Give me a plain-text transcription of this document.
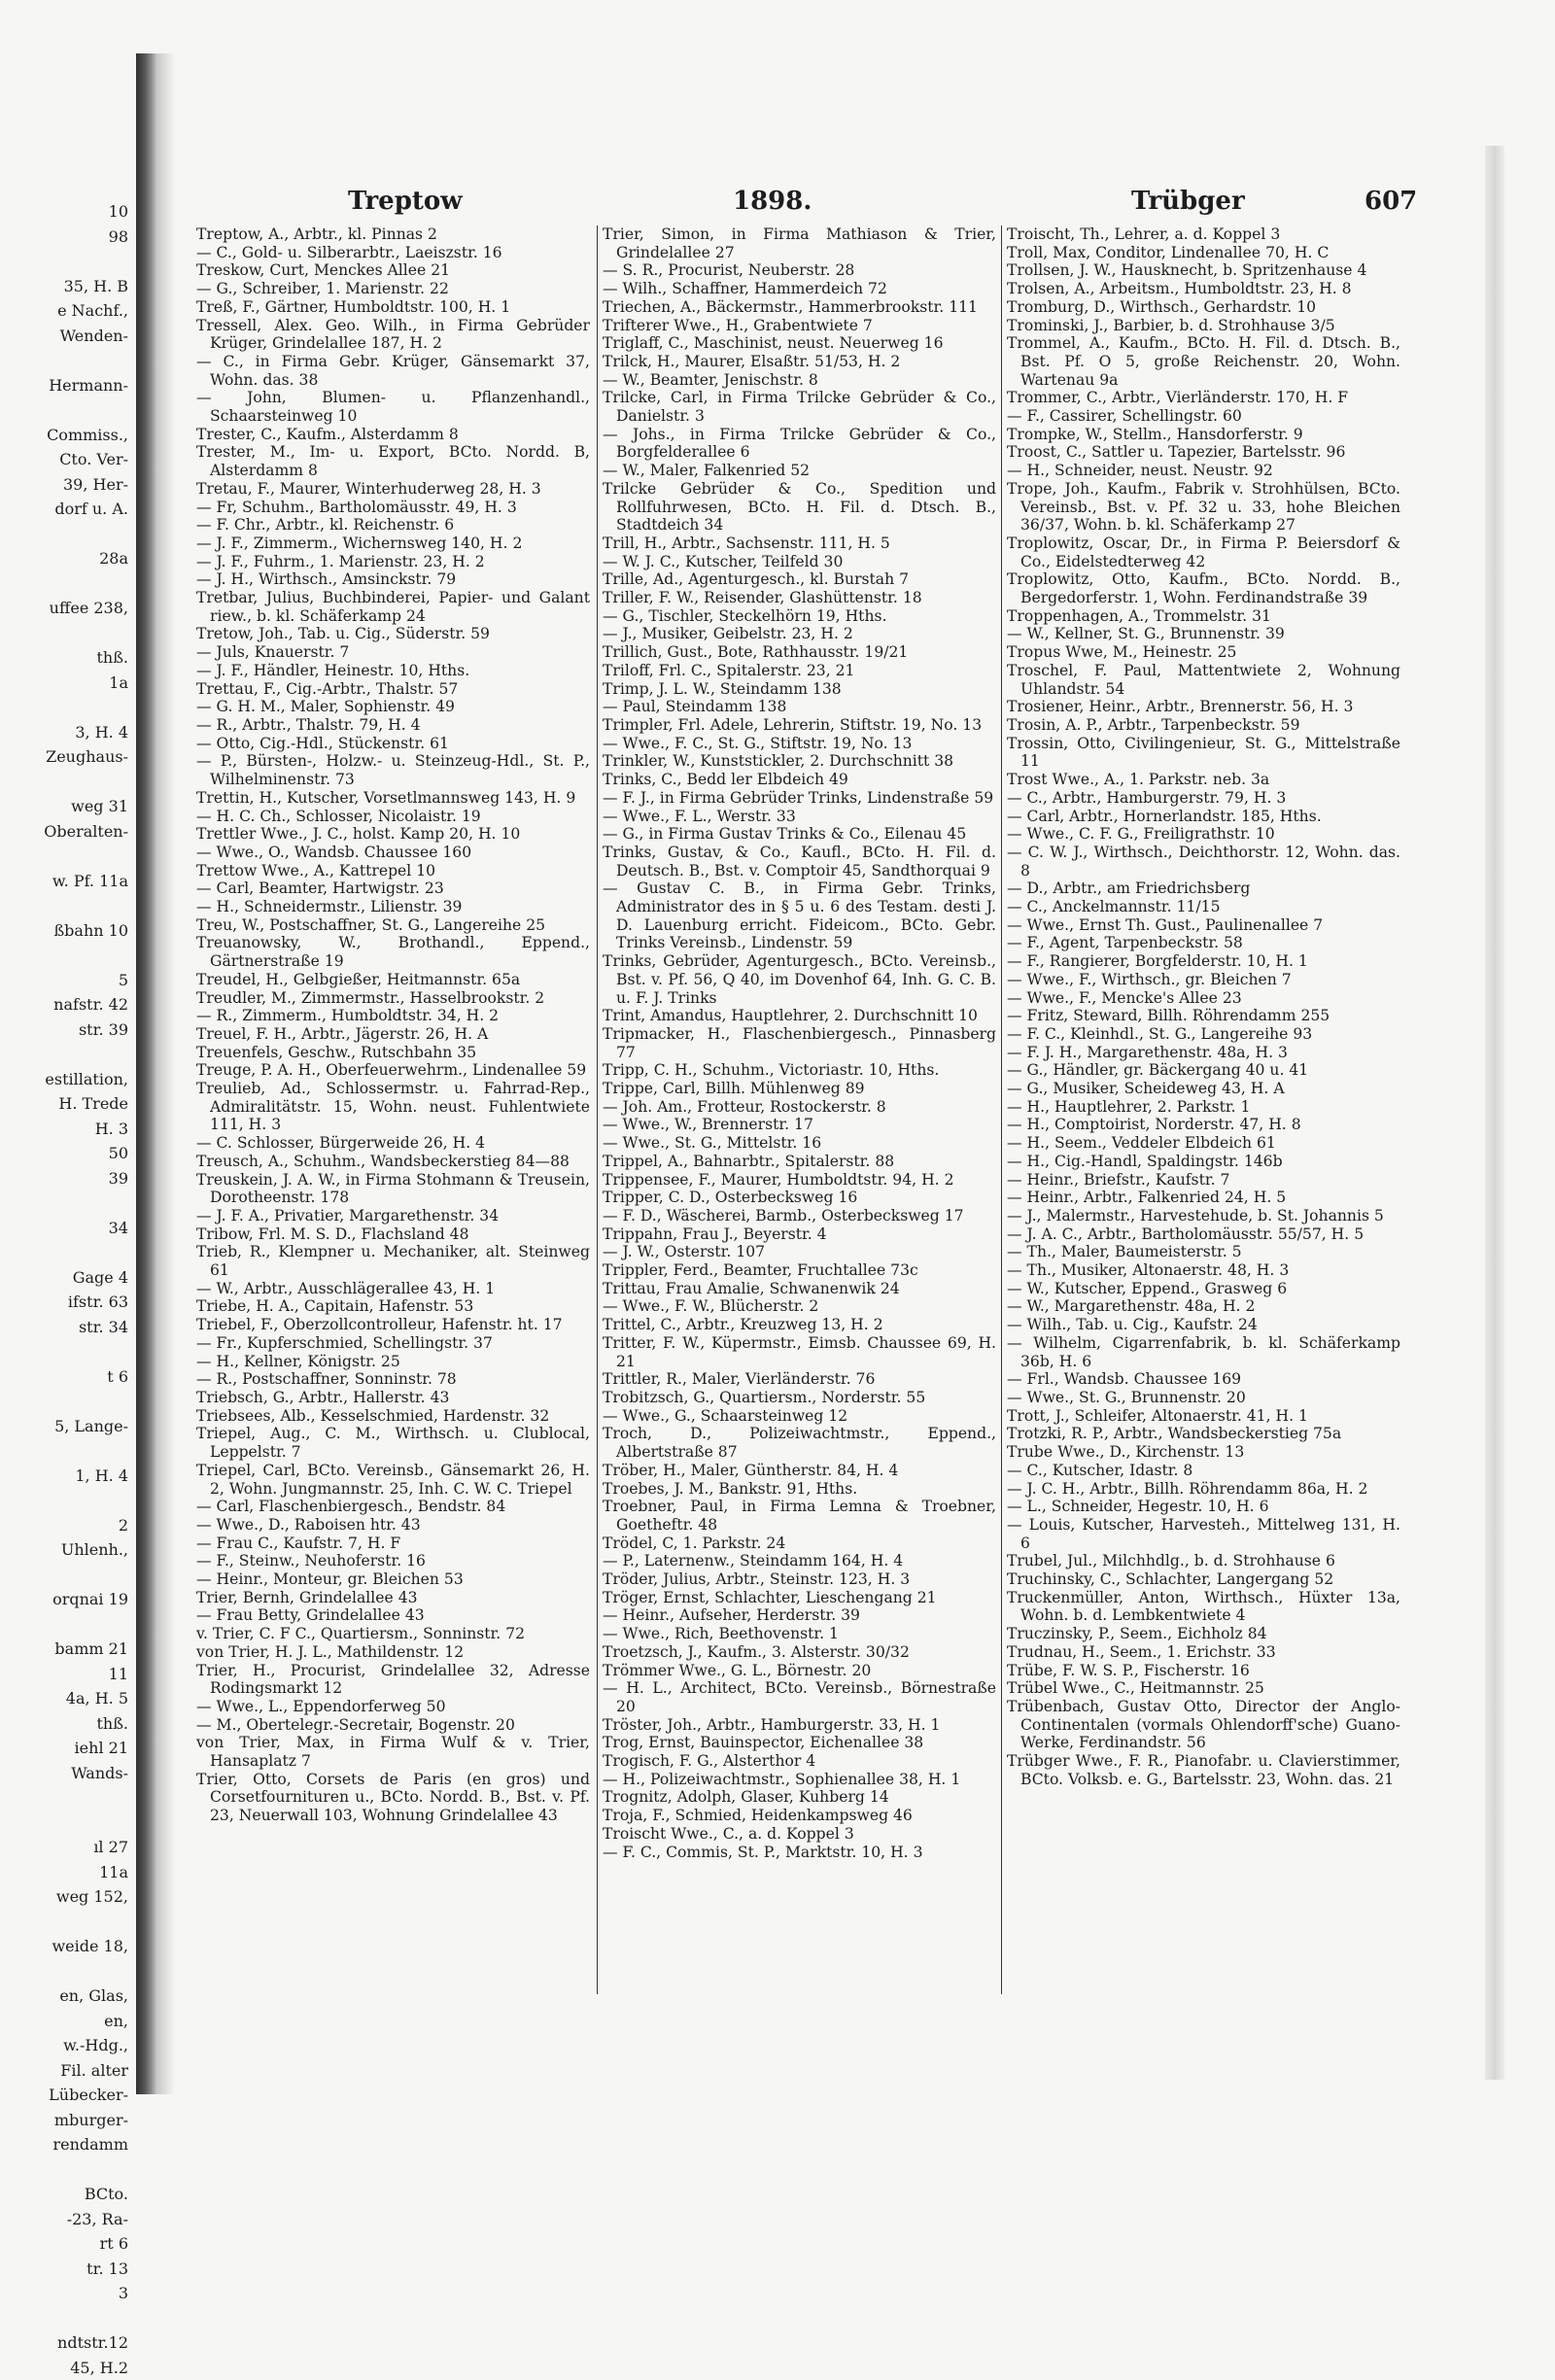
10
98

35, H. B
e Nachf.,
Wenden-

Hermann-

Commiss.,
Cto. Ver-
39, Her-
dorf u. A.

28a

uffee 238,

thß.
1a

3, H. 4
Zeughaus-

weg 31
Oberalten-

w. Pf. 11a

ßbahn 10

5
nafstr. 42
str. 39

estillation,
H. Trede
H. 3
50
39

34

Gage 4
ifstr. 63
str. 34

t 6

5, Lange-

1, H. 4

2
Uhlenh.,

orqnai 19

bamm 21
11
4a, H. 5
thß.
iehl 21
Wands-

ıl 27
11a
weg 152,

weide 18,

en, Glas,
en,
w.-Hdg.,
Fil. alter
Lübecker-
mburger-
rendamm

BCto.
-23, Ra-
rt 6
tr. 13
3

ndtstr.12
45, H.2
Treptow	1898.	Trübger	607
Treptow, A., Arbtr., kl. Pinnas 2
— C., Gold- u. Silberarbtr., Laeiszstr. 16
Treskow, Curt, Menckes Allee 21
— G., Schreiber, 1. Marienstr. 22
Treß, F., Gärtner, Humboldtstr. 100, H. 1
Tressell, Alex. Geo. Wilh., in Firma Gebrüder Krüger, Grindelallee 187, H. 2
— C., in Firma Gebr. Krüger, Gänsemarkt 37, Wohn. das. 38
— John, Blumen- u. Pflanzenhandl., Schaarsteinweg 10
Trester, C., Kaufm., Alsterdamm 8
Trester, M., Im- u. Export, BCto. Nordd. B, Alsterdamm 8
Tretau, F., Maurer, Winterhuderweg 28, H. 3
— Fr, Schuhm., Bartholomäusstr. 49, H. 3
— F. Chr., Arbtr., kl. Reichenstr. 6
— J. F., Zimmerm., Wichernsweg 140, H. 2
— J. F., Fuhrm., 1. Marienstr. 23, H. 2
— J. H., Wirthsch., Amsinckstr. 79
Tretbar, Julius, Buchbinderei, Papier- und Galant riew., b. kl. Schäferkamp 24
Tretow, Joh., Tab. u. Cig., Süderstr. 59
— Juls, Knauerstr. 7
— J. F., Händler, Heinestr. 10, Hths.
Trettau, F., Cig.-Arbtr., Thalstr. 57
— G. H. M., Maler, Sophienstr. 49
— R., Arbtr., Thalstr. 79, H. 4
— Otto, Cig.-Hdl., Stückenstr. 61
— P., Bürsten-, Holzw.- u. Steinzeug-Hdl., St. P., Wilhelminenstr. 73
Trettin, H., Kutscher, Vorsetlmannsweg 143, H. 9
— H. C. Ch., Schlosser, Nicolaistr. 19
Trettler Wwe., J. C., holst. Kamp 20, H. 10
— Wwe., O., Wandsb. Chaussee 160
Trettow Wwe., A., Kattrepel 10
— Carl, Beamter, Hartwigstr. 23
— H., Schneidermstr., Lilienstr. 39
Treu, W., Postschaffner, St. G., Langereihe 25
Treuanowsky, W., Brothandl., Eppend., Gärtnerstraße 19
Treudel, H., Gelbgießer, Heitmannstr. 65a
Treudler, M., Zimmermstr., Hasselbrookstr. 2
— R., Zimmerm., Humboldtstr. 34, H. 2
Treuel, F. H., Arbtr., Jägerstr. 26, H. A
Treuenfels, Geschw., Rutschbahn 35
Treuge, P. A. H., Oberfeuerwehrm., Lindenallee 59
Treulieb, Ad., Schlossermstr. u. Fahrrad-Rep., Admiralitätstr. 15, Wohn. neust. Fuhlentwiete 111, H. 3
— C. Schlosser, Bürgerweide 26, H. 4
Treusch, A., Schuhm., Wandsbeckerstieg 84—88
Treuskein, J. A. W., in Firma Stohmann & Treusein, Dorotheenstr. 178
— J. F. A., Privatier, Margarethenstr. 34
Tribow, Frl. M. S. D., Flachsland 48
Trieb, R., Klempner u. Mechaniker, alt. Steinweg 61
— W., Arbtr., Ausschlägerallee 43, H. 1
Triebe, H. A., Capitain, Hafenstr. 53
Triebel, F., Oberzollcontrolleur, Hafenstr. ht. 17
— Fr., Kupferschmied, Schellingstr. 37
— H., Kellner, Königstr. 25
— R., Postschaffner, Sonninstr. 78
Triebsch, G., Arbtr., Hallerstr. 43
Triebsees, Alb., Kesselschmied, Hardenstr. 32
Triepel, Aug., C. M., Wirthsch. u. Clublocal, Leppelstr. 7
Triepel, Carl, BCto. Vereinsb., Gänsemarkt 26, H. 2, Wohn. Jungmannstr. 25, Inh. C. W. C. Triepel
— Carl, Flaschenbiergesch., Bendstr. 84
— Wwe., D., Raboisen htr. 43
— Frau C., Kaufstr. 7, H. F
— F., Steinw., Neuhoferstr. 16
— Heinr., Monteur, gr. Bleichen 53
Trier, Bernh, Grindelallee 43
— Frau Betty, Grindelallee 43
v. Trier, C. F C., Quartiersm., Sonninstr. 72
von Trier, H. J. L., Mathildenstr. 12
Trier, H., Procurist, Grindelallee 32, Adresse Rodingsmarkt 12
— Wwe., L., Eppendorferweg 50
— M., Obertelegr.-Secretair, Bogenstr. 20
von Trier, Max, in Firma Wulf & v. Trier, Hansaplatz 7
Trier, Otto, Corsets de Paris (en gros) und Corsetfournituren u., BCto. Nordd. B., Bst. v. Pf. 23, Neuerwall 103, Wohnung Grindelallee 43
Trier, Simon, in Firma Mathiason & Trier, Grindelallee 27
— S. R., Procurist, Neuberstr. 28
— Wilh., Schaffner, Hammerdeich 72
Triechen, A., Bäckermstr., Hammerbrookstr. 111
Trifterer Wwe., H., Grabentwiete 7
Triglaff, C., Maschinist, neust. Neuerweg 16
Trilck, H., Maurer, Elsaßtr. 51/53, H. 2
— W., Beamter, Jenischstr. 8
Trilcke, Carl, in Firma Trilcke Gebrüder & Co., Danielstr. 3
— Johs., in Firma Trilcke Gebrüder & Co., Borgfelderallee 6
— W., Maler, Falkenried 52
Trilcke Gebrüder & Co., Spedition und Rollfuhrwesen, BCto. H. Fil. d. Dtsch. B., Stadtdeich 34
Trill, H., Arbtr., Sachsenstr. 111, H. 5
— W. J. C., Kutscher, Teilfeld 30
Trille, Ad., Agenturgesch., kl. Burstah 7
Triller, F. W., Reisender, Glashüttenstr. 18
— G., Tischler, Steckelhörn 19, Hths.
— J., Musiker, Geibelstr. 23, H. 2
Trillich, Gust., Bote, Rathhausstr. 19/21
Triloff, Frl. C., Spitalerstr. 23, 21
Trimp, J. L. W., Steindamm 138
— Paul, Steindamm 138
Trimpler, Frl. Adele, Lehrerin, Stiftstr. 19, No. 13
— Wwe., F. C., St. G., Stiftstr. 19, No. 13
Trinkler, W., Kunststickler, 2. Durchschnitt 38
Trinks, C., Bedd ler Elbdeich 49
— F. J., in Firma Gebrüder Trinks, Lindenstraße 59
— Wwe., F. L., Werstr. 33
— G., in Firma Gustav Trinks & Co., Eilenau 45
Trinks, Gustav, & Co., Kaufl., BCto. H. Fil. d. Deutsch. B., Bst. v. Comptoir 45, Sandthorquai 9
— Gustav C. B., in Firma Gebr. Trinks, Administrator des in § 5 u. 6 des Testam. desti J. D. Lauenburg erricht. Fideicom., BCto. Gebr. Trinks Vereinsb., Lindenstr. 59
Trinks, Gebrüder, Agenturgesch., BCto. Vereinsb., Bst. v. Pf. 56, Q 40, im Dovenhof 64, Inh. G. C. B. u. F. J. Trinks
Trint, Amandus, Hauptlehrer, 2. Durchschnitt 10
Tripmacker, H., Flaschenbiergesch., Pinnasberg 77
Tripp, C. H., Schuhm., Victoriastr. 10, Hths.
Trippe, Carl, Billh. Mühlenweg 89
— Joh. Am., Frotteur, Rostockerstr. 8
— Wwe., W., Brennerstr. 17
— Wwe., St. G., Mittelstr. 16
Trippel, A., Bahnarbtr., Spitalerstr. 88
Trippensee, F., Maurer, Humboldtstr. 94, H. 2
Tripper, C. D., Osterbecksweg 16
— F. D., Wäscherei, Barmb., Osterbecksweg 17
Trippahn, Frau J., Beyerstr. 4
— J. W., Osterstr. 107
Trippler, Ferd., Beamter, Fruchtallee 73c
Trittau, Frau Amalie, Schwanenwik 24
— Wwe., F. W., Blücherstr. 2
Trittel, C., Arbtr., Kreuzweg 13, H. 2
Tritter, F. W., Küpermstr., Eimsb. Chaussee 69, H. 21
Trittler, R., Maler, Vierländerstr. 76
Trobitzsch, G., Quartiersm., Norderstr. 55
— Wwe., G., Schaarsteinweg 12
Troch, D., Polizeiwachtmstr., Eppend., Albertstraße 87
Tröber, H., Maler, Güntherstr. 84, H. 4
Troebes, J. M., Bankstr. 91, Hths.
Troebner, Paul, in Firma Lemna & Troebner, Goetheftr. 48
Trödel, C, 1. Parkstr. 24
— P., Laternenw., Steindamm 164, H. 4
Tröder, Julius, Arbtr., Steinstr. 123, H. 3
Tröger, Ernst, Schlachter, Lieschengang 21
— Heinr., Aufseher, Herderstr. 39
— Wwe., Rich, Beethovenstr. 1
Troetzsch, J., Kaufm., 3. Alsterstr. 30/32
Trömmer Wwe., G. L., Börnestr. 20
— H. L., Architect, BCto. Vereinsb., Börnestraße 20
Tröster, Joh., Arbtr., Hamburgerstr. 33, H. 1
Trog, Ernst, Bauinspector, Eichenallee 38
Trogisch, F. G., Alsterthor 4
— H., Polizeiwachtmstr., Sophienallee 38, H. 1
Trognitz, Adolph, Glaser, Kuhberg 14
Troja, F., Schmied, Heidenkampsweg 46
Troischt Wwe., C., a. d. Koppel 3
— F. C., Commis, St. P., Marktstr. 10, H. 3
Troischt, Th., Lehrer, a. d. Koppel 3
Troll, Max, Conditor, Lindenallee 70, H. C
Trollsen, J. W., Hausknecht, b. Spritzenhause 4
Trolsen, A., Arbeitsm., Humboldtstr. 23, H. 8
Tromburg, D., Wirthsch., Gerhardstr. 10
Trominski, J., Barbier, b. d. Strohhause 3/5
Trommel, A., Kaufm., BCto. H. Fil. d. Dtsch. B., Bst. Pf. O 5, große Reichenstr. 20, Wohn. Wartenau 9a
Trommer, C., Arbtr., Vierländerstr. 170, H. F
— F., Cassirer, Schellingstr. 60
Trompke, W., Stellm., Hansdorferstr. 9
Troost, C., Sattler u. Tapezier, Bartelsstr. 96
— H., Schneider, neust. Neustr. 92
Trope, Joh., Kaufm., Fabrik v. Strohhülsen, BCto. Vereinsb., Bst. v. Pf. 32 u. 33, hohe Bleichen 36/37, Wohn. b. kl. Schäferkamp 27
Troplowitz, Oscar, Dr., in Firma P. Beiersdorf & Co., Eidelstedterweg 42
Troplowitz, Otto, Kaufm., BCto. Nordd. B., Bergedorferstr. 1, Wohn. Ferdinandstraße 39
Troppenhagen, A., Trommelstr. 31
— W., Kellner, St. G., Brunnenstr. 39
Tropus Wwe, M., Heinestr. 25
Troschel, F. Paul, Mattentwiete 2, Wohnung Uhlandstr. 54
Trosiener, Heinr., Arbtr., Brennerstr. 56, H. 3
Trosin, A. P., Arbtr., Tarpenbeckstr. 59
Trossin, Otto, Civilingenieur, St. G., Mittelstraße 11
Trost Wwe., A., 1. Parkstr. neb. 3a
— C., Arbtr., Hamburgerstr. 79, H. 3
— Carl, Arbtr., Hornerlandstr. 185, Hths.
— Wwe., C. F. G., Freiligrathstr. 10
— C. W. J., Wirthsch., Deichthorstr. 12, Wohn. das. 8
— D., Arbtr., am Friedrichsberg
— C., Anckelmannstr. 11/15
— Wwe., Ernst Th. Gust., Paulinenallee 7
— F., Agent, Tarpenbeckstr. 58
— F., Rangierer, Borgfelderstr. 10, H. 1
— Wwe., F., Wirthsch., gr. Bleichen 7
— Wwe., F., Mencke's Allee 23
— Fritz, Steward, Billh. Röhrendamm 255
— F. C., Kleinhdl., St. G., Langereihe 93
— F. J. H., Margarethenstr. 48a, H. 3
— G., Händler, gr. Bäckergang 40 u. 41
— G., Musiker, Scheideweg 43, H. A
— H., Hauptlehrer, 2. Parkstr. 1
— H., Comptoirist, Norderstr. 47, H. 8
— H., Seem., Veddeler Elbdeich 61
— H., Cig.-Handl, Spaldingstr. 146b
— Heinr., Briefstr., Kaufstr. 7
— Heinr., Arbtr., Falkenried 24, H. 5
— J., Malermstr., Harvestehude, b. St. Johannis 5
— J. A. C., Arbtr., Bartholomäusstr. 55/57, H. 5
— Th., Maler, Baumeisterstr. 5
— Th., Musiker, Altonaerstr. 48, H. 3
— W., Kutscher, Eppend., Grasweg 6
— W., Margarethenstr. 48a, H. 2
— Wilh., Tab. u. Cig., Kaufstr. 24
— Wilhelm, Cigarrenfabrik, b. kl. Schäferkamp 36b, H. 6
— Frl., Wandsb. Chaussee 169
— Wwe., St. G., Brunnenstr. 20
Trott, J., Schleifer, Altonaerstr. 41, H. 1
Trotzki, R. P., Arbtr., Wandsbeckerstieg 75a
Trube Wwe., D., Kirchenstr. 13
— C., Kutscher, Idastr. 8
— J. C. H., Arbtr., Billh. Röhrendamm 86a, H. 2
— L., Schneider, Hegestr. 10, H. 6
— Louis, Kutscher, Harvesteh., Mittelweg 131, H. 6
Trubel, Jul., Milchhdlg., b. d. Strohhause 6
Truchinsky, C., Schlachter, Langergang 52
Truckenmüller, Anton, Wirthsch., Hüxter 13a, Wohn. b. d. Lembkentwiete 4
Truczinsky, P., Seem., Eichholz 84
Trudnau, H., Seem., 1. Erichstr. 33
Trübe, F. W. S. P., Fischerstr. 16
Trübel Wwe., C., Heitmannstr. 25
Trübenbach, Gustav Otto, Director der Anglo-Continentalen (vormals Ohlendorff'sche) Guano-Werke, Ferdinandstr. 56
Trübger Wwe., F. R., Pianofabr. u. Clavierstimmer, BCto. Volksb. e. G., Bartelsstr. 23, Wohn. das. 21
